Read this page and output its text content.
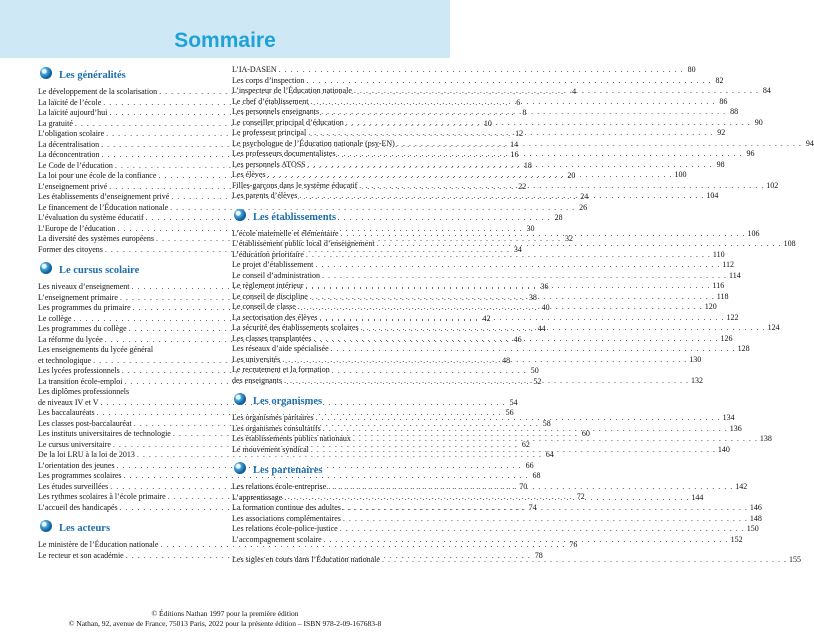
Sommaire
Les généralités
Le développement de la scolarisation . . .	4
La laïcité de l’école . . .	6
La laïcité aujourd’hui . . .	8
La gratuité . . .	10
L’obligation scolaire . . .	12
La décentralisation . . .	14
La déconcentration . . .	16
Le Code de l’éducation . . .	18
La loi pour une école de la confiance . . .	20
L’enseignement privé . . .	22
Les établissements d’enseignement privé . . .	24
Le financement de l’Éducation nationale . . .	26
L’évaluation du système éducatif . . .	28
L’Europe de l’éducation . . .	30
La diversité des systèmes européens . . .	32
Former des citoyens . . .	34
Le cursus scolaire
Les niveaux d’enseignement . . .	36
L’enseignement primaire . . .	38
Les programmes du primaire . . .	40
Le collège . . .	42
Les programmes du collège . . .	44
La réforme du lycée . . .	46
Les enseignements du lycée général
et technologique . . .	48
Les lycées professionnels . . .	50
La transition école-emploi . . .	52
Les diplômes professionnels
de niveaux IV et V . . .	54
Les baccalauréats . . .	56
Les classes post-baccalauréat . . .	58
Les instituts universitaires de technologie . . .	60
Le cursus universitaire . . .	62
De la loi LRU à la loi de 2013 . . .	64
L’orientation des jeunes . . .	66
Les programmes scolaires . . .	68
Les études surveillées . . .	70
Les rythmes scolaires à l’école primaire . . .	72
L’accueil des handicapés . . .	74
Les acteurs
Le ministère de l’Éducation nationale . . .	76
Le recteur et son académie . . .	78
L’IA-DASEN . . .	80
Les corps d’inspection . . .	82
L’inspecteur de l’Éducation nationale . . .	84
Le chef d’établissement . . .	86
Les personnels enseignants . . .	88
Le conseiller principal d’éducation . . .	90
Le professeur principal . . .	92
Le psychologue de l’Éducation nationale (psy-EN) . . .	94
Les professeurs documentalistes . . .	96
Les personnels ATOSS . . .	98
Les élèves . . .	100
Filles-garçons dans le système éducatif . . .	102
Les parents d’élèves . . .	104
Les établissements
L’école maternelle et élémentaire . . .	106
L’établissement public local d’enseignement . . .	108
L’éducation prioritaire . . .	110
Le projet d’établissement . . .	112
Le conseil d’administration . . .	114
Le règlement intérieur . . .	116
Le conseil de discipline . . .	118
Le conseil de classe . . .	120
La sectorisation des élèves . . .	122
La sécurité des établissements scolaires . . .	124
Les classes transplantées . . .	126
Les réseaux d’aide spécialisée . . .	128
Les universités . . .	130
Le recrutement et la formation
des enseignants . . .	132
Les organismes
Les organismes paritaires . . .	134
Les organismes consultatifs . . .	136
Les établissements publics nationaux . . .	138
Le mouvement syndical . . .	140
Les partenaires
Les relations école-entreprise . . .	142
L’apprentissage . . .	144
La formation continue des adultes . . .	146
Les associations complémentaires . . .	148
Les relations école-police-justice . . .	150
L’accompagnement scolaire . . .	152
Les sigles en cours dans l’Éducation nationale . . .	155
© Éditions Nathan 1997 pour la première édition
© Nathan, 92, avenue de France, 75013 Paris, 2022 pour la présente édition – ISBN 978-2-09-167683-8
